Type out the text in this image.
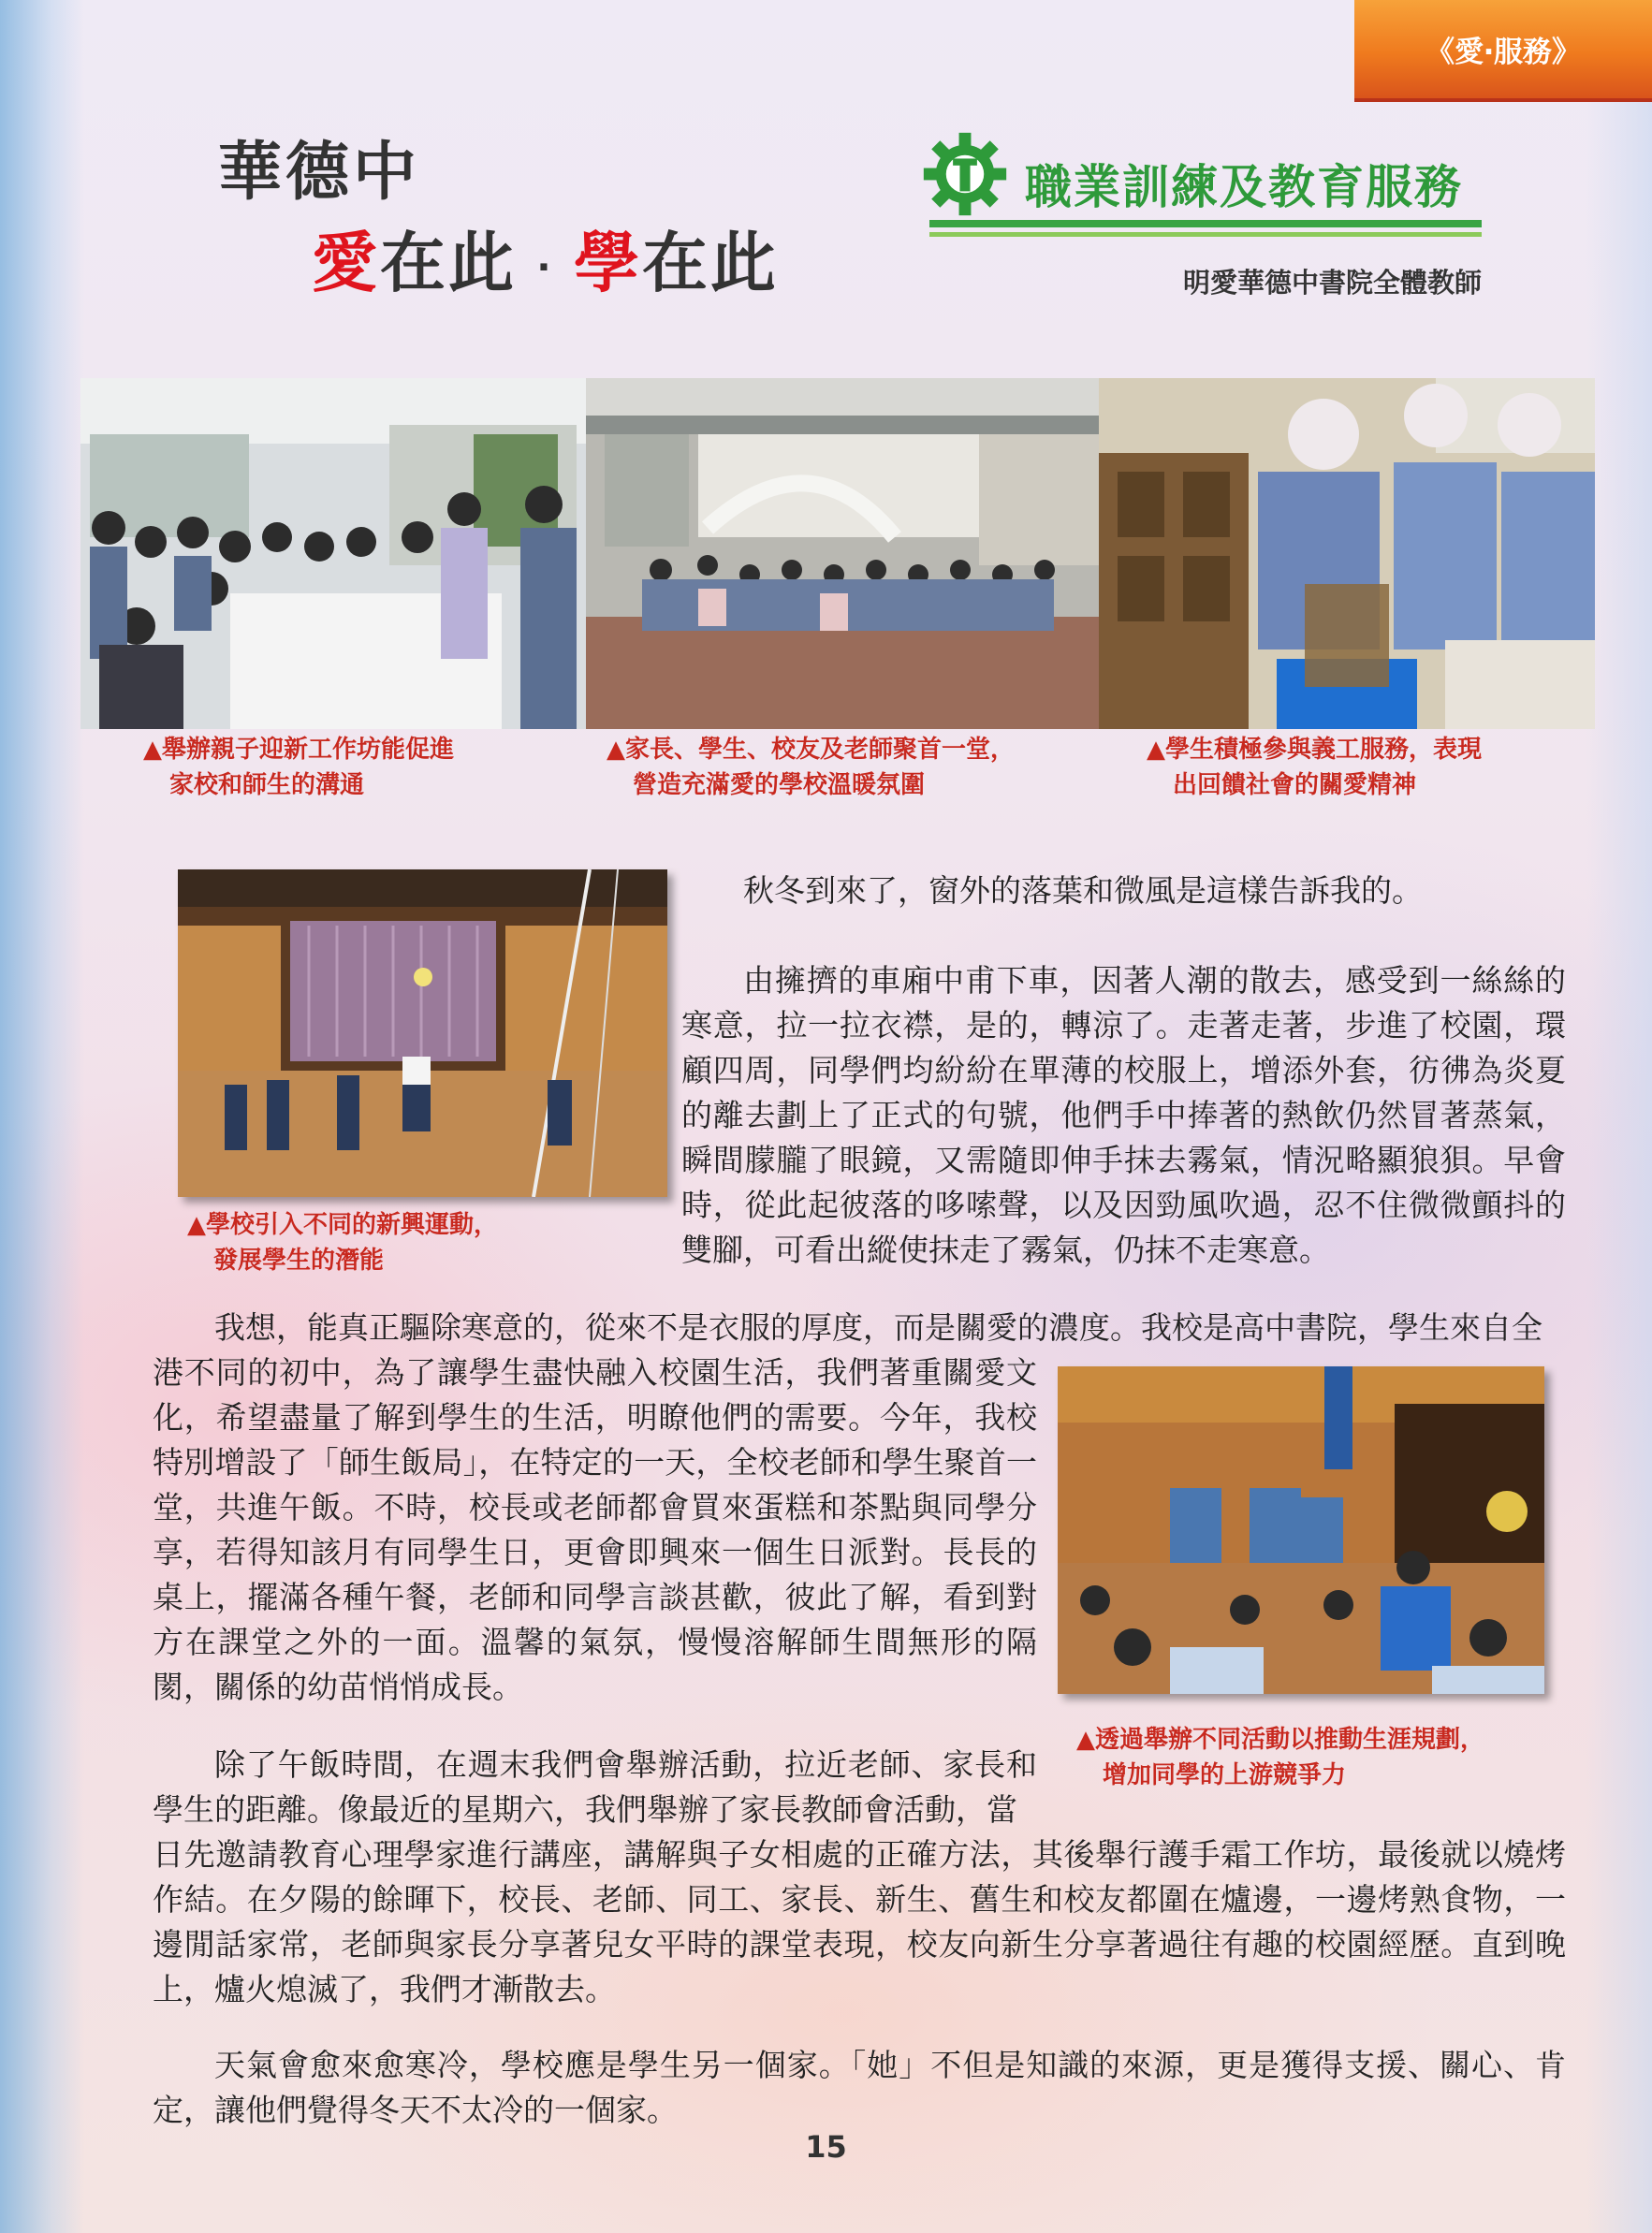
《愛‧服務》
華德中
愛在此 ‧ 學在此
職業訓練及教育服務
明愛華德中書院全體教師
▲舉辦親子迎新工作坊能促進
家校和師生的溝通
▲家長、學生、校友及老師聚首一堂，
營造充滿愛的學校溫暖氛圍
▲學生積極參與義工服務，表現
出回饋社會的關愛精神
▲學校引入不同的新興運動，
發展學生的潛能

秋冬到來了，窗外的落葉和微風是這樣告訴我的。

由擁擠的車廂中甫下車，因著人潮的散去，感受到一絲絲的寒意，拉一拉衣襟，是的，轉涼了。走著走著，步進了校園，環顧四周，同學們均紛紛在單薄的校服上，增添外套，彷彿為炎夏的離去劃上了正式的句號，他們手中捧著的熱飲仍然冒著蒸氣，瞬間朦朧了眼鏡，又需隨即伸手抹去霧氣，情況略顯狼狽。早會時，從此起彼落的哆嗦聲，以及因勁風吹過，忍不住微微顫抖的雙腳，可看出縱使抹走了霧氣，仍抹不走寒意。

我想，能真正驅除寒意的，從來不是衣服的厚度，而是關愛的濃度。我校是高中書院，學生來自全

港不同的初中，為了讓學生盡快融入校園生活，我們著重關愛文化，希望盡量了解到學生的生活，明瞭他們的需要。今年，我校特別增設了「師生飯局」，在特定的一天，全校老師和學生聚首一堂，共進午飯。不時，校長或老師都會買來蛋糕和茶點與同學分享，若得知該月有同學生日，更會即興來一個生日派對。長長的桌上，擺滿各種午餐，老師和同學言談甚歡，彼此了解，看到對方在課堂之外的一面。溫馨的氣氛，慢慢溶解師生間無形的隔閡，關係的幼苗悄悄成長。
▲透過舉辦不同活動以推動生涯規劃，
增加同學的上游競爭力
除了午飯時間，在週末我們會舉辦活動，拉近老師、家長和學生的距離。像最近的星期六，我們舉辦了家長教師會活動，當
日先邀請教育心理學家進行講座，講解與子女相處的正確方法，其後舉行護手霜工作坊，最後就以燒烤作結。在夕陽的餘暉下，校長、老師、同工、家長、新生、舊生和校友都圍在爐邊，一邊烤熟食物，一邊閒話家常，老師與家長分享著兒女平時的課堂表現，校友向新生分享著過往有趣的校園經歷。直到晚上，爐火熄滅了，我們才漸散去。
天氣會愈來愈寒冷，學校應是學生另一個家。「她」不但是知識的來源，更是獲得支援、關心、肯定，讓他們覺得冬天不太冷的一個家。
15
